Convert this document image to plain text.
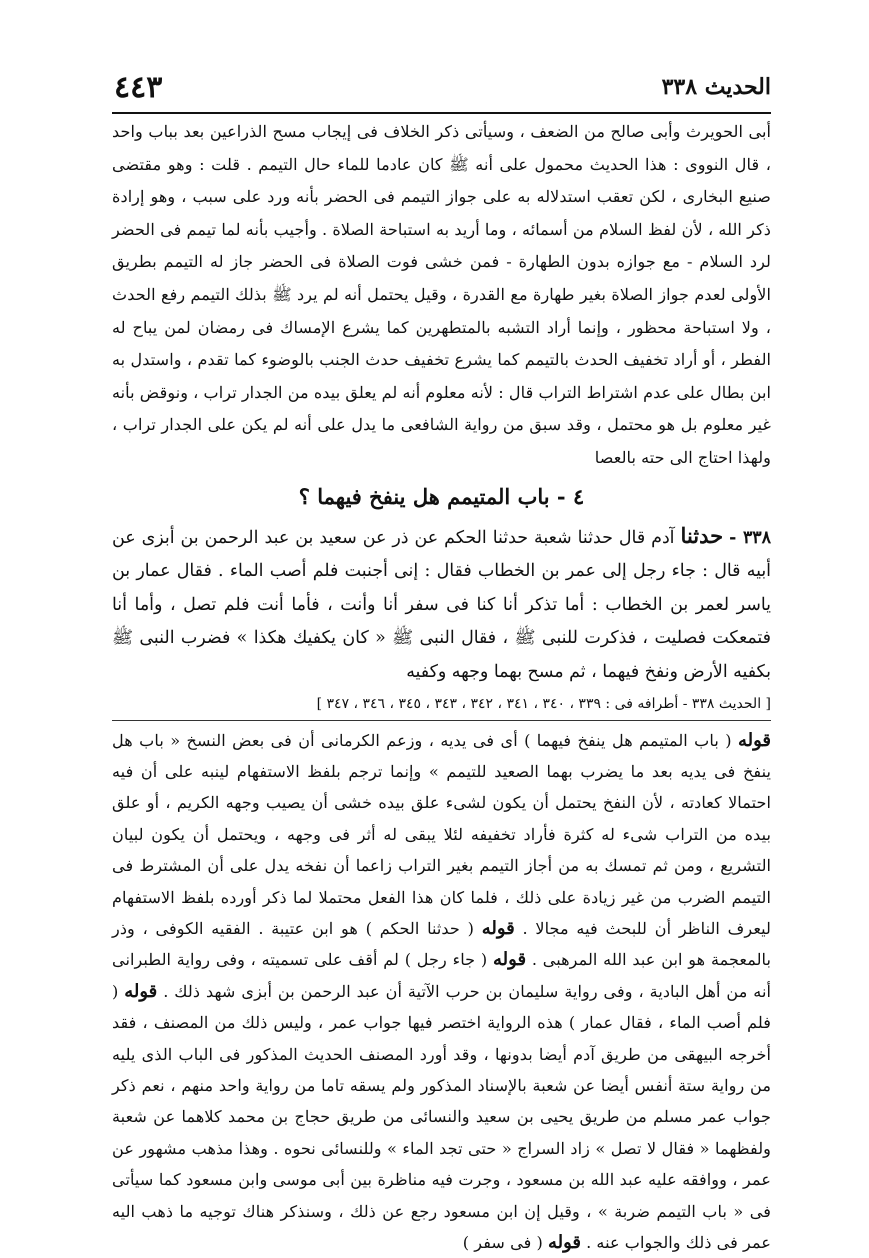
الحديث ٣٣٨
٤٤٣

أبى الحويرث وأبى صالح من الضعف ، وسيأتى ذكر الخلاف فى إيجاب مسح الذراعين بعد بباب واحد ، قال النووى : هذا الحديث محمول على أنه ﷺ كان عادما للماء حال التيمم . قلت : وهو مقتضى صنيع البخارى ، لكن تعقب استدلاله به على جواز التيمم فى الحضر بأنه ورد على سبب ، وهو إرادة ذكر الله ، لأن لفظ السلام من أسمائه ، وما أريد به استباحة الصلاة . وأجيب بأنه لما تيمم فى الحضر لرد السلام - مع جوازه بدون الطهارة - فمن خشى فوت الصلاة فى الحضر جاز له التيمم بطريق الأولى لعدم جواز الصلاة بغير طهارة مع القدرة ، وقيل يحتمل أنه لم يرد ﷺ بذلك التيمم رفع الحدث ، ولا استباحة محظور ، وإنما أراد التشبه بالمتطهرين كما يشرع الإمساك فى رمضان لمن يباح له الفطر ، أو أراد تخفيف الحدث بالتيمم كما يشرع تخفيف حدث الجنب بالوضوء كما تقدم ، واستدل به ابن بطال على عدم اشتراط التراب قال : لأنه معلوم أنه لم يعلق بيده من الجدار تراب ، ونوقض بأنه غير معلوم بل هو محتمل ، وقد سبق من رواية الشافعى ما يدل على أنه لم يكن على الجدار تراب ، ولهذا احتاج الى حته بالعصا

٤ - باب المتيمم هل ينفخ فيهما ؟
٣٣٨ - حدثنا آدم قال حدثنا شعبة حدثنا الحكم عن ذر عن سعيد بن عبد الرحمن بن أبزى عن أبيه قال : جاء رجل إلى عمر بن الخطاب فقال : إنى أجنبت فلم أصب الماء . فقال عمار بن ياسر لعمر بن الخطاب : أما تذكر أنا كنا فى سفر أنا وأنت ، فأما أنت فلم تصل ، وأما أنا فتمعكت فصليت ، فذكرت للنبى ﷺ ، فقال النبى ﷺ « كان يكفيك هكذا » فضرب النبى ﷺ بكفيه الأرض ونفخ فيهما ، ثم مسح بهما وجهه وكفيه

[ الحديث ٣٣٨ - أطرافه فى : ٣٣٩ ، ٣٤٠ ، ٣٤١ ، ٣٤٢ ، ٣٤٣ ، ٣٤٥ ، ٣٤٦ ، ٣٤٧ ]

قوله ( باب المتيمم هل ينفخ فيهما ) أى فى يديه ، وزعم الكرمانى أن فى بعض النسخ « باب هل ينفخ فى يديه بعد ما يضرب بهما الصعيد للتيمم » وإنما ترجم بلفظ الاستفهام لينبه على أن فيه احتمالا كعادته ، لأن النفخ يحتمل أن يكون لشىء علق بيده خشى أن يصيب وجهه الكريم ، أو علق بيده من التراب شىء له كثرة فأراد تخفيفه لئلا يبقى له أثر فى وجهه ، ويحتمل أن يكون لبيان التشريع ، ومن ثم تمسك به من أجاز التيمم بغير التراب زاعما أن نفخه يدل على أن المشترط فى التيمم الضرب من غير زيادة على ذلك ، فلما كان هذا الفعل محتملا لما ذكر أورده بلفظ الاستفهام ليعرف الناظر أن للبحث فيه مجالا . قوله ( حدثنا الحكم ) هو ابن عتيبة . الفقيه الكوفى ، وذر بالمعجمة هو ابن عبد الله المرهبى . قوله ( جاء رجل ) لم أقف على تسميته ، وفى رواية الطبرانى أنه من أهل البادية ، وفى رواية سليمان بن حرب الآتية أن عبد الرحمن بن أبزى شهد ذلك . قوله ( فلم أصب الماء ، فقال عمار ) هذه الرواية اختصر فيها جواب عمر ، وليس ذلك من المصنف ، فقد أخرجه البيهقى من طريق آدم أيضا بدونها ، وقد أورد المصنف الحديث المذكور فى الباب الذى يليه من رواية ستة أنفس أيضا عن شعبة بالإسناد المذكور ولم يسقه تاما من رواية واحد منهم ، نعم ذكر جواب عمر مسلم من طريق يحيى بن سعيد والنسائى من طريق حجاج بن محمد كلاهما عن شعبة ولفظهما « فقال لا تصل » زاد السراج « حتى تجد الماء » وللنسائى نحوه . وهذا مذهب مشهور عن عمر ، ووافقه عليه عبد الله بن مسعود ، وجرت فيه مناظرة بين أبى موسى وابن مسعود كما سيأتى فى « باب التيمم ضربة » ، وقيل إن ابن مسعود رجع عن ذلك ، وسنذكر هناك توجيه ما ذهب اليه عمر فى ذلك والجواب عنه . قوله ( فى سفر )
